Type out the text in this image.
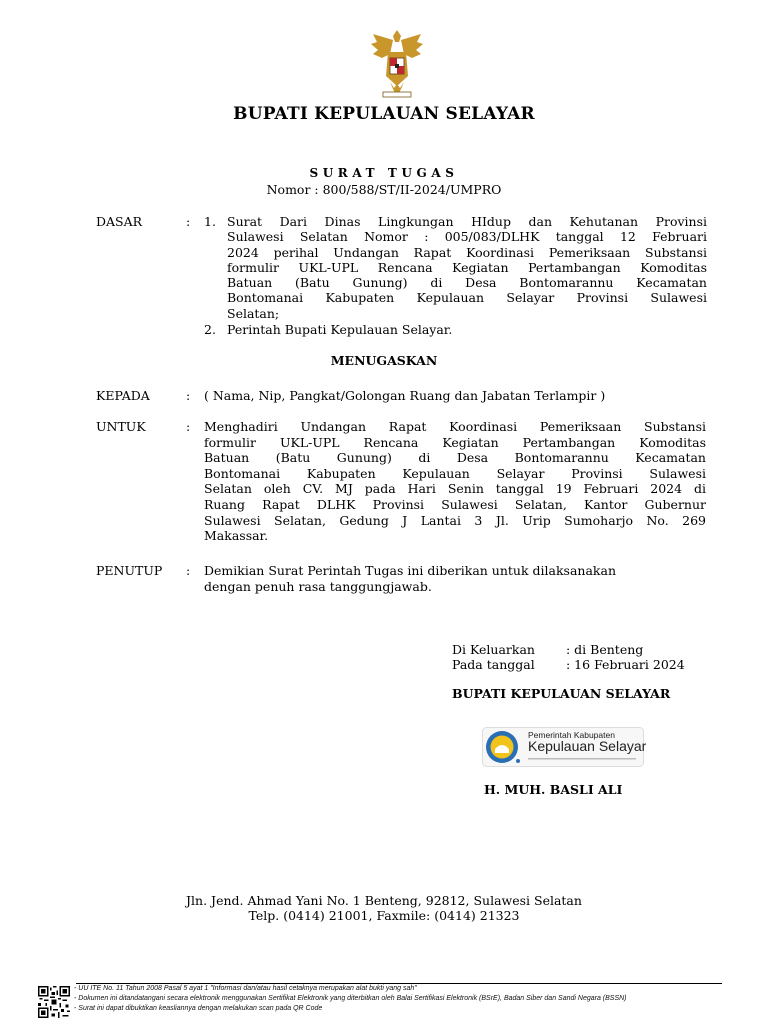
BUPATI KEPULAUAN SELAYAR
SURAT TUGAS
Nomor : 800/588/ST/II-2024/UMPRO
DASAR	: 1. Surat Dari Dinas Lingkungan HIdup dan Kehutanan Provinsi
Sulawesi Selatan Nomor : 005/083/DLHK tanggal 12 Februari
2024 perihal Undangan Rapat Koordinasi Pemeriksaan Substansi
formulir UKL-UPL Rencana Kegiatan Pertambangan Komoditas
Batuan (Batu Gunung) di Desa Bontomarannu Kecamatan
Bontomanai Kabupaten Kepulauan Selayar Provinsi Sulawesi
Selatan;
2. Perintah Bupati Kepulauan Selayar.
MENUGASKAN
KEPADA	: ( Nama, Nip, Pangkat/Golongan Ruang dan Jabatan Terlampir )
UNTUK	: Menghadiri Undangan Rapat Koordinasi Pemeriksaan Substansi
formulir UKL-UPL Rencana Kegiatan Pertambangan Komoditas
Batuan (Batu Gunung) di Desa Bontomarannu Kecamatan
Bontomanai Kabupaten Kepulauan Selayar Provinsi Sulawesi
Selatan oleh CV. MJ pada Hari Senin tanggal 19 Februari 2024 di
Ruang Rapat DLHK Provinsi Sulawesi Selatan, Kantor Gubernur
Sulawesi Selatan, Gedung J Lantai 3 Jl. Urip Sumoharjo No. 269
Makassar.
PENUTUP : Demikian Surat Perintah Tugas ini diberikan untuk dilaksanakan
dengan penuh rasa tanggungjawab.
Di Keluarkan : di Benteng
Pada tanggal	: 16 Februari 2024
BUPATI KEPULAUAN SELAYAR
Pemerintah Kabupaten
Kepulauan Selayar
H. MUH. BASLI ALI
Jln. Jend. Ahmad Yani No. 1 Benteng, 92812, Sulawesi Selatan
Telp. (0414) 21001, Faxmile: (0414) 21323
- UU ITE No. 11 Tahun 2008 Pasal 5 ayat 1 "Informasi dan/atau hasil cetaknya merupakan alat bukti yang sah"
- Dokumen ini ditandatangani secara elektronik menggunakan Sertifikat Elektronik yang diterbitkan oleh Balai Sertifikasi Elektronik (BSrE), Badan Siber dan Sandi Negara (BSSN)
- Surat ini dapat dibuktikan keasliannya dengan melakukan scan pada QR Code
